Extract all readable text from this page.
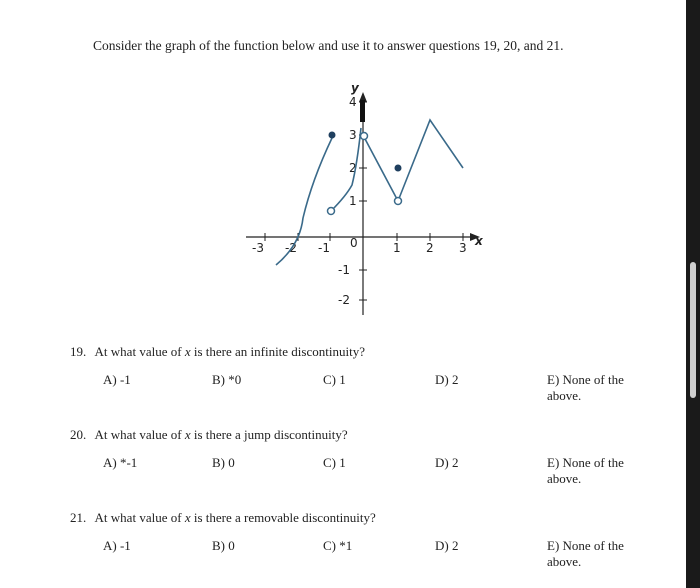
Consider the graph of the function below and use it to answer questions 19, 20, and 21.
y
x
-3 -2 -1 0	1 2 3
1
2
3
4
-1
-2
19. At what value of x is there an infinite discontinuity?
A) -1	B) *0	C) 1	D) 2	E) None of the above.
20. At what value of x is there a jump discontinuity?
A) *-1	B) 0	C) 1	D) 2	E) None of the above.
21. At what value of x is there a removable discontinuity?
A) -1	B) 0	C) *1	D) 2	E) None of the above.
